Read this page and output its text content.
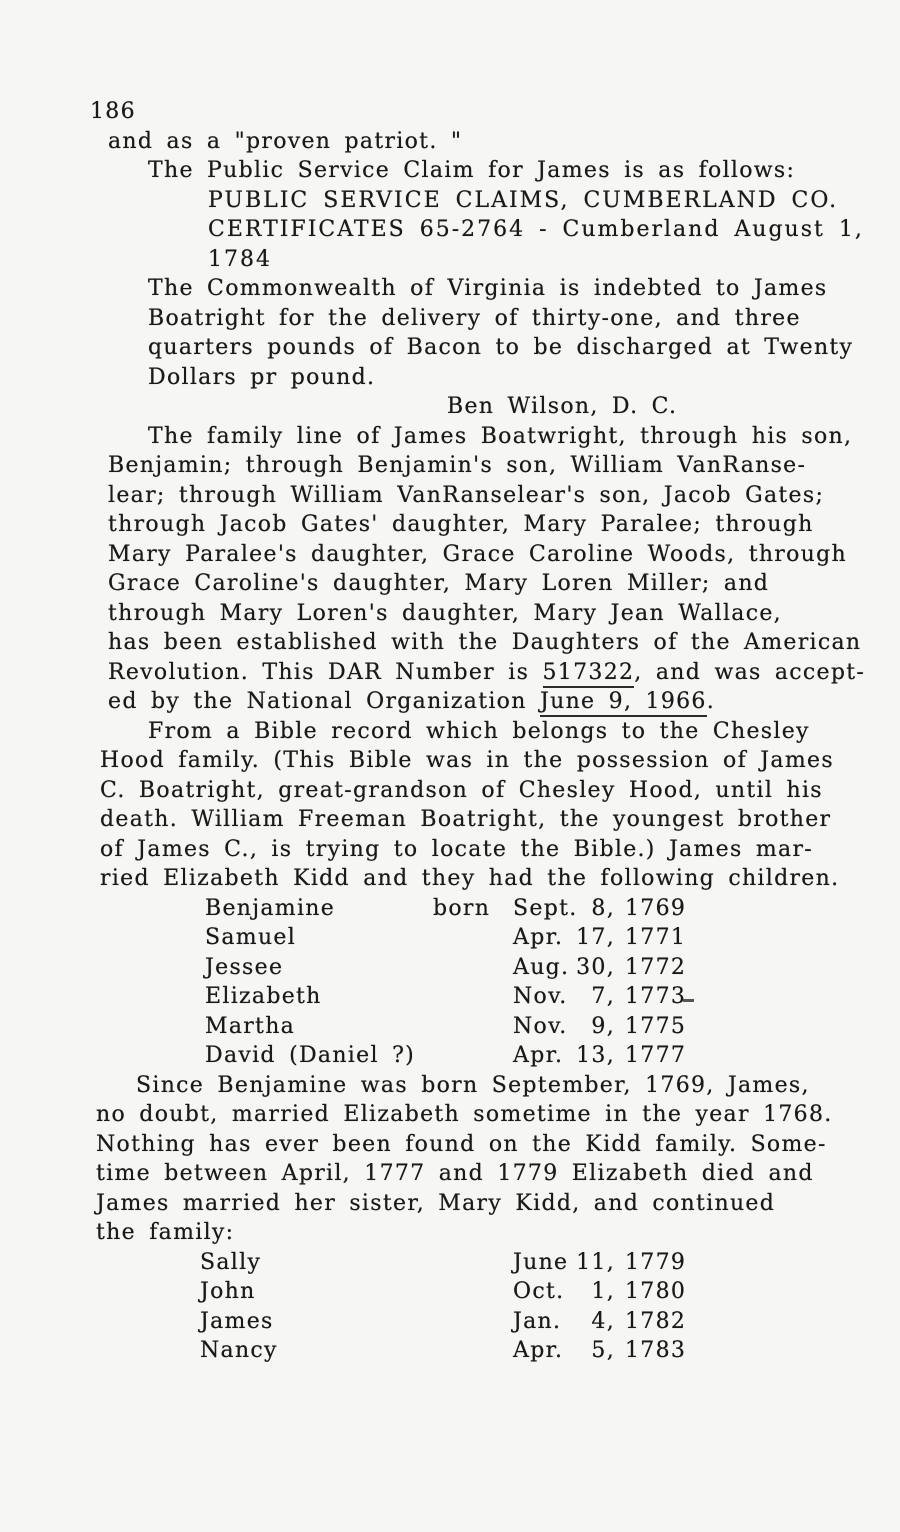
186
and as a "proven patriot. "
The Public Service Claim for James is as follows:
PUBLIC SERVICE CLAIMS, CUMBERLAND CO.
CERTIFICATES 65-2764 - Cumberland August 1,
1784
The Commonwealth of Virginia is indebted to James
Boatright for the delivery of thirty-one, and three
quarters pounds of Bacon to be discharged at Twenty
Dollars pr pound.
Ben Wilson, D. C.
The family line of James Boatwright, through his son,
Benjamin; through Benjamin's son, William VanRanse-
lear; through William VanRanselear's son, Jacob Gates;
through Jacob Gates' daughter, Mary Paralee; through
Mary Paralee's daughter, Grace Caroline Woods, through
Grace Caroline's daughter, Mary Loren Miller; and
through Mary Loren's daughter, Mary Jean Wallace,
has been established with the Daughters of the American
Revolution. This DAR Number is 517322, and was accept-
ed by the National Organization June 9, 1966.
From a Bible record which belongs to the Chesley
Hood family. (This Bible was in the possession of James
C. Boatright, great-grandson of Chesley Hood, until his
death. William Freeman Boatright, the youngest brother
of James C., is trying to locate the Bible.) James mar-
ried Elizabeth Kidd and they had the following children.
Benjamine	born Sept. 8, 1769
Samuel	Apr. 17, 1771
Jessee	Aug. 30, 1772
Elizabeth	Nov.	7, 1773
Martha	Nov.	9, 1775
David (Daniel ?)	Apr. 13, 1777
Since Benjamine was born September, 1769, James,
no doubt, married Elizabeth sometime in the year 1768.
Nothing has ever been found on the Kidd family. Some-
time between April, 1777 and 1779 Elizabeth died and
James married her sister, Mary Kidd, and continued
the family:
Sally	June 11, 1779
John	Oct.	1, 1780
James	Jan.	4, 1782
Nancy	Apr.	5, 1783
